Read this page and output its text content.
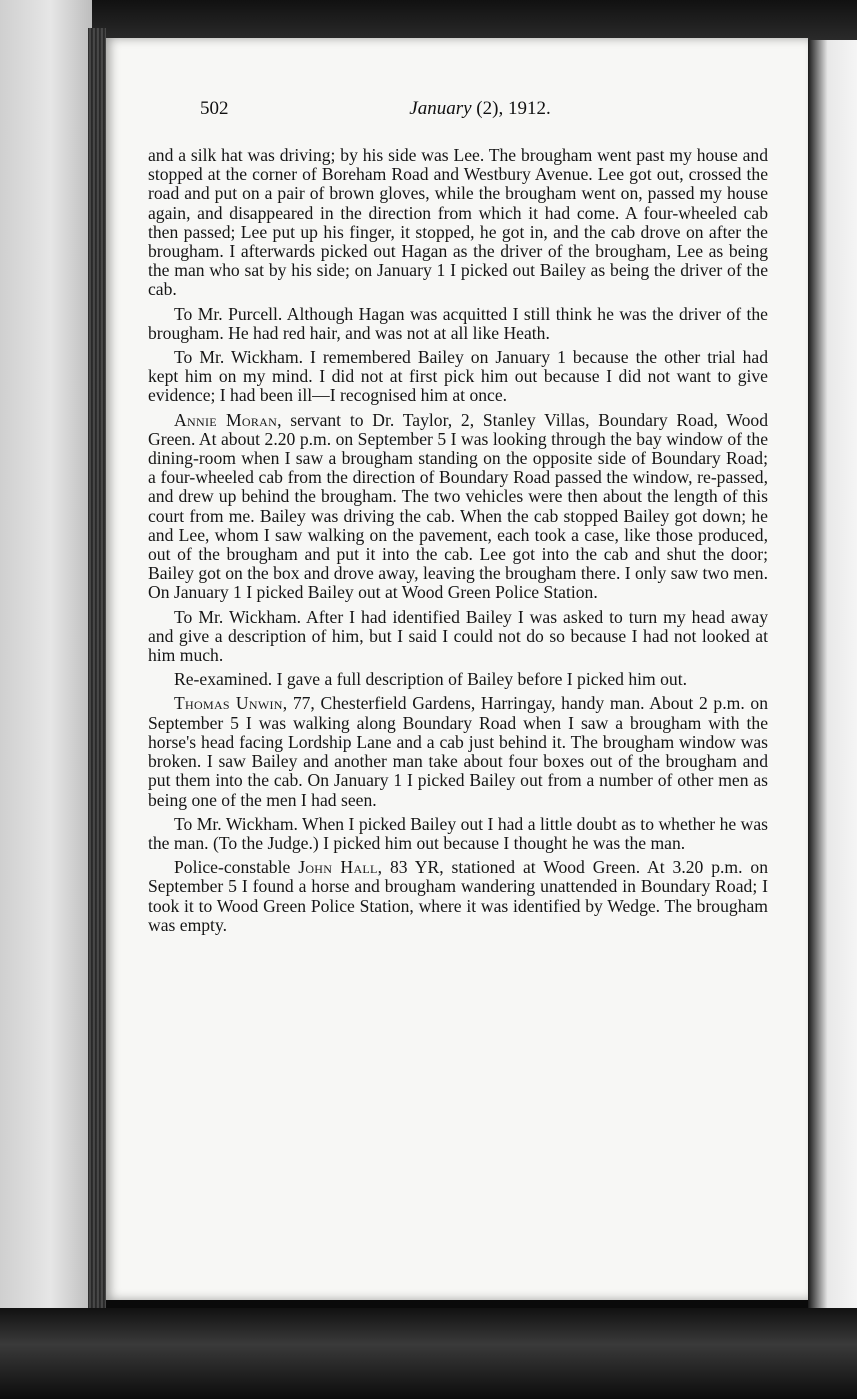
502	January (2), 1912.

and a silk hat was driving; by his side was Lee. The brougham went past my house and stopped at the corner of Boreham Road and Westbury Avenue. Lee got out, crossed the road and put on a pair of brown gloves, while the brougham went on, passed my house again, and disappeared in the direction from which it had come. A four-wheeled cab then passed; Lee put up his finger, it stopped, he got in, and the cab drove on after the brougham. I afterwards picked out Hagan as the driver of the brougham, Lee as being the man who sat by his side; on January 1 I picked out Bailey as being the driver of the cab.

To Mr. Purcell. Although Hagan was acquitted I still think he was the driver of the brougham. He had red hair, and was not at all like Heath.

To Mr. Wickham. I remembered Bailey on January 1 because the other trial had kept him on my mind. I did not at first pick him out because I did not want to give evidence; I had been ill—I recognised him at once.

Annie Moran, servant to Dr. Taylor, 2, Stanley Villas, Boundary Road, Wood Green. At about 2.20 p.m. on September 5 I was looking through the bay window of the dining-room when I saw a brougham standing on the opposite side of Boundary Road; a four-wheeled cab from the direction of Boundary Road passed the window, re-passed, and drew up behind the brougham. The two vehicles were then about the length of this court from me. Bailey was driving the cab. When the cab stopped Bailey got down; he and Lee, whom I saw walking on the pavement, each took a case, like those produced, out of the brougham and put it into the cab. Lee got into the cab and shut the door; Bailey got on the box and drove away, leaving the brougham there. I only saw two men. On January 1 I picked Bailey out at Wood Green Police Station.

To Mr. Wickham. After I had identified Bailey I was asked to turn my head away and give a description of him, but I said I could not do so because I had not looked at him much.

Re-examined. I gave a full description of Bailey before I picked him out.

Thomas Unwin, 77, Chesterfield Gardens, Harringay, handy man. About 2 p.m. on September 5 I was walking along Boundary Road when I saw a brougham with the horse's head facing Lordship Lane and a cab just behind it. The brougham window was broken. I saw Bailey and another man take about four boxes out of the brougham and put them into the cab. On January 1 I picked Bailey out from a number of other men as being one of the men I had seen.

To Mr. Wickham. When I picked Bailey out I had a little doubt as to whether he was the man. (To the Judge.) I picked him out because I thought he was the man.

Police-constable John Hall, 83 YR, stationed at Wood Green. At 3.20 p.m. on September 5 I found a horse and brougham wandering unattended in Boundary Road; I took it to Wood Green Police Station, where it was identified by Wedge. The brougham was empty.
